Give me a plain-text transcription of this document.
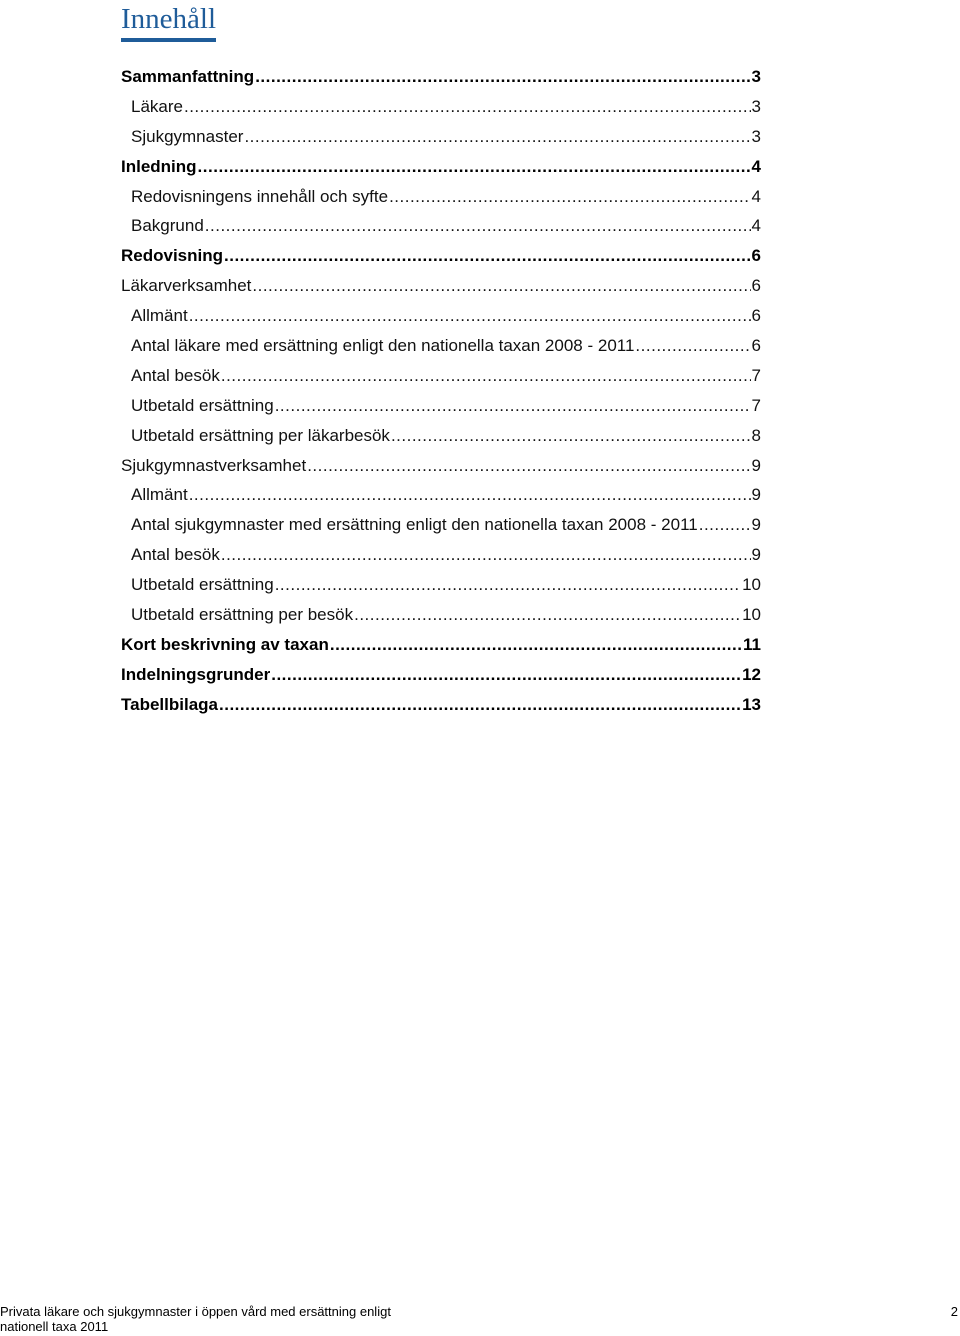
Innehåll
Sammanfattning .....	3
Läkare .....	3
Sjukgymnaster .....	3
Inledning .....	4
Redovisningens innehåll och syfte .....	4
Bakgrund .....	4
Redovisning .....	6
Läkarverksamhet .....	6
Allmänt .....	6
Antal läkare med ersättning enligt den nationella taxan 2008 - 2011 .....	6
Antal besök .....	7
Utbetald ersättning .....	7
Utbetald ersättning per läkarbesök .....	8
Sjukgymnastverksamhet .....	9
Allmänt .....	9
Antal sjukgymnaster med ersättning enligt den nationella taxan 2008 - 2011 .....	9
Antal besök .....	9
Utbetald ersättning .....	10
Utbetald ersättning per besök .....	10
Kort beskrivning av taxan .....	11
Indelningsgrunder .....	12
Tabellbilaga .....	13
Privata läkare och sjukgymnaster i öppen vård med ersättning enligt
nationell taxa 2011
2
